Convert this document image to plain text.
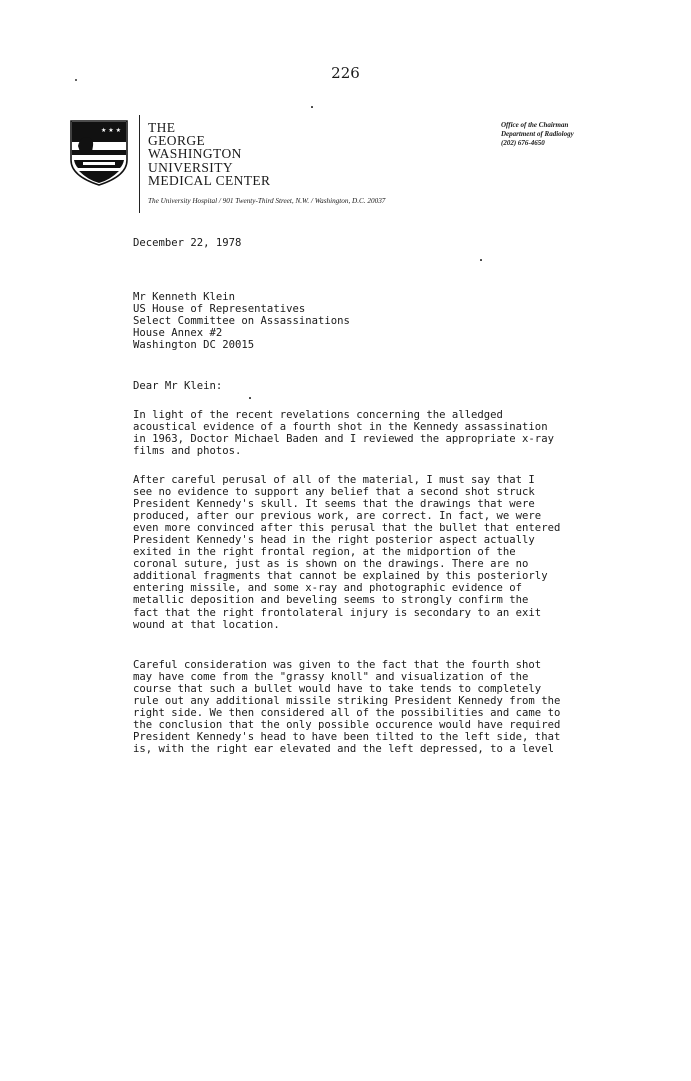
226
★ ★ ★ THE
GEORGE
WASHINGTON
UNIVERSITY
MEDICAL CENTER
Office of the Chairman
Department of Radiology
(202) 676-4650
The University Hospital / 901 Twenty-Third Street, N.W. / Washington, D.C. 20037
December 22, 1978
Mr Kenneth Klein
US House of Representatives
Select Committee on Assassinations
House Annex #2
Washington DC 20015
Dear Mr Klein:
In light of the recent revelations concerning the alledged
acoustical evidence of a fourth shot in the Kennedy assassination
in 1963, Doctor Michael Baden and I reviewed the appropriate x-ray
films and photos.
After careful perusal of all of the material, I must say that I
see no evidence to support any belief that a second shot struck
President Kennedy's skull. It seems that the drawings that were
produced, after our previous work, are correct. In fact, we were
even more convinced after this perusal that the bullet that entered
President Kennedy's head in the right posterior aspect actually
exited in the right frontal region, at the midportion of the
coronal suture, just as is shown on the drawings. There are no
additional fragments that cannot be explained by this posteriorly
entering missile, and some x-ray and photographic evidence of
metallic deposition and beveling seems to strongly confirm the
fact that the right frontolateral injury is secondary to an exit
wound at that location.
Careful consideration was given to the fact that the fourth shot
may have come from the "grassy knoll" and visualization of the
course that such a bullet would have to take tends to completely
rule out any additional missile striking President Kennedy from the
right side. We then considered all of the possibilities and came to
the conclusion that the only possible occurence would have required
President Kennedy's head to have been tilted to the left side, that
is, with the right ear elevated and the left depressed, to a level
